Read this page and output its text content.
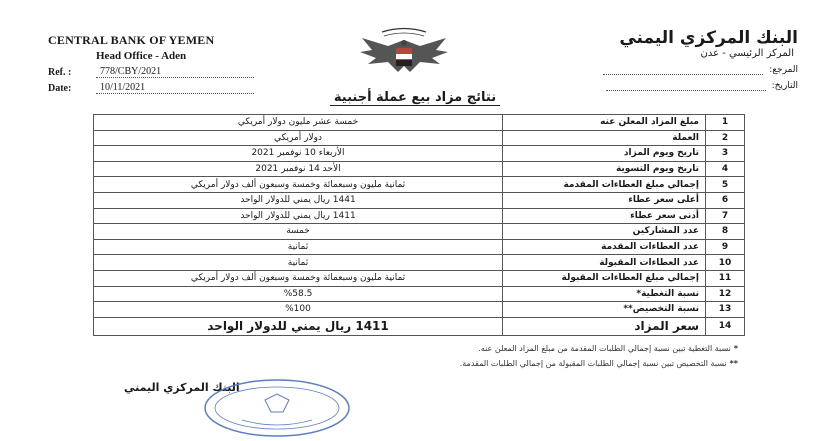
CENTRAL BANK OF YEMEN
Head Office - Aden
Ref. :	778/CBY/2021
Date:	10/11/2021
البنك المركزي اليمني
المركز الرئيسي - عدن
المرجع:
التاريخ:
نتائج مزاد بيع عملة أجنبية
1	مبلغ المزاد المعلن عنه	خمسة عشر مليون دولار أمريكي
2	العملة	دولار أمريكي
3	تاريخ ويوم المزاد	الأربعاء 10 نوفمبر 2021
4	تاريخ ويوم التسوية	الأحد 14 نوفمبر 2021
5	إجمالي مبلغ العطاءات المقدمة	ثمانية مليون وسبعمائة وخمسة وسبعون ألف دولار أمريكي
6	أعلى سعر عطاء	1441 ريال يمني للدولار الواحد
7	أدنى سعر عطاء	1411 ريال يمني للدولار الواحد
8	عدد المشاركين	خمسة
9	عدد العطاءات المقدمة	ثمانية
10	عدد العطاءات المقبولة	ثمانية
11	إجمالي مبلغ العطاءات المقبولة	ثمانية مليون وسبعمائة وخمسة وسبعون ألف دولار أمريكي
12	نسبة التغطية*	%58.5
13	نسبة التخصيص**	%100
14	سعر المزاد	1411 ريال يمني للدولار الواحد
*نسبة التغطية تبين نسبة إجمالي الطلبات المقدمة من مبلغ المزاد المعلن عنه.
**نسبة التخصيص تبين نسبة إجمالي الطلبات المقبولة من إجمالي الطلبات المقدمة.
البنك المركزي اليمني
